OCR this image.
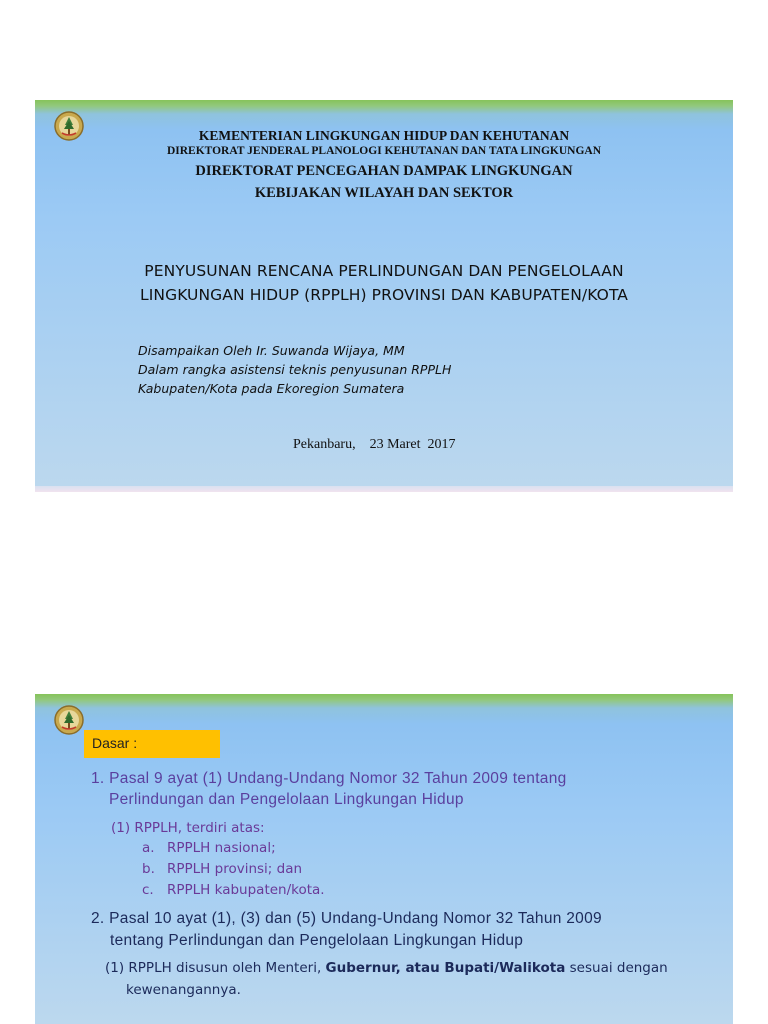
KEMENTERIAN LINGKUNGAN HIDUP DAN KEHUTANAN
DIREKTORAT JENDERAL PLANOLOGI KEHUTANAN DAN TATA LINGKUNGAN
DIREKTORAT PENCEGAHAN DAMPAK LINGKUNGAN
KEBIJAKAN WILAYAH DAN SEKTOR
PENYUSUNAN RENCANA PERLINDUNGAN DAN PENGELOLAAN
LINGKUNGAN HIDUP (RPPLH) PROVINSI DAN KABUPATEN/KOTA
Disampaikan Oleh Ir. Suwanda Wijaya, MM
Dalam rangka asistensi teknis penyusunan RPPLH
Kabupaten/Kota pada Ekoregion Sumatera
Pekanbaru,    23 Maret  2017
Dasar :
1. Pasal 9 ayat (1) Undang-Undang Nomor 32 Tahun 2009 tentang
Perlindungan dan Pengelolaan Lingkungan Hidup
(1) RPPLH, terdiri atas:
a. RPPLH nasional;
b. RPPLH provinsi; dan
c. RPPLH kabupaten/kota.
2. Pasal 10 ayat (1), (3) dan (5) Undang-Undang Nomor 32 Tahun 2009
tentang Perlindungan dan Pengelolaan Lingkungan Hidup
(1) RPPLH disusun oleh Menteri, Gubernur, atau Bupati/Walikota sesuai dengan
kewenangannya.
